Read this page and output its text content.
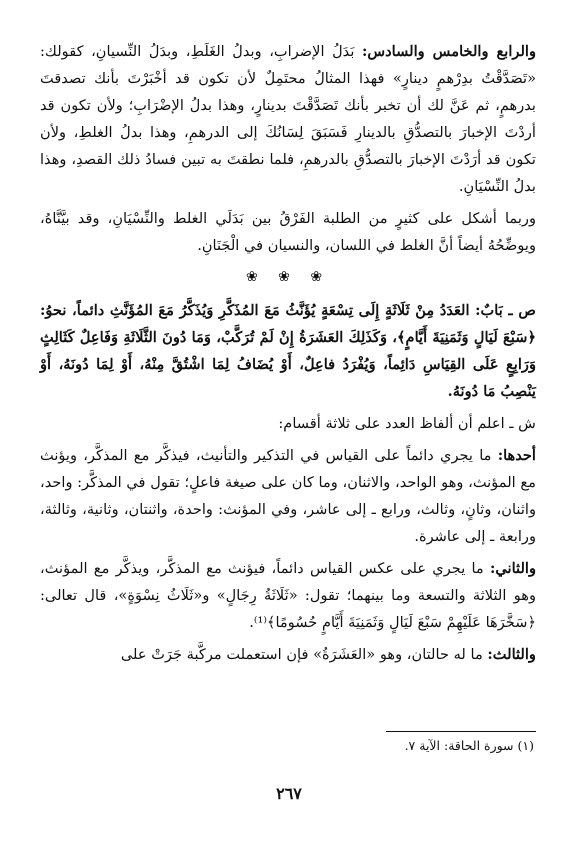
والرابع والخامس والسادس: بَدَلُ الإضرابِ، وبدلُ الغَلَطِ، وبدَلُ النِّسيانِ، كقولك: «تَصَدَّقْتُ بدِرْهمٍ دينارٍ» فهذا المثالُ محتَمِلٌ لأن تكون قد أخْبَرْتَ بأنك تصدقتَ بدرهمٍ، ثم عَنَّ لك أن تخبر بأنك تَصَدَّقْتَ بدينارٍ، وهذا بدلُ الإضْرَابِ؛ ولأن تكون قد أردْتَ الإخبارَ بالتصدُّقِ بالدينارِ فَسَبَقَ لِسَانُكَ إلى الدرهمِ، وهذا بدلُ الغلطِ، ولأن تكون قد أرَدْتَ الإخبارَ بالتصدُّقِ بالدرهمِ، فلما نطقتَ به تبين فسادُ ذلك القصدِ، وهذا بدلُ النِّسْيَانِ.

وربما أشكل على كثيرٍ من الطلبة الفَرْقُ بين بَدَلَي الغلط والنِّسْيَانِ، وقد بيَّنَّاهُ، ويوضِّحُهُ أيضاً أنَّ الغلط في اللسان، والنسيان في الْجَنَانِ.

❀ ❀ ❀

ص ـ بَابٌ: العَدَدُ مِنْ ثَلَاثَةٍ إِلَى تِسْعَةٍ يُؤَنَّثُ مَعَ المُذَكَّرِ وَيُذَكَّرُ مَعَ المُؤَنَّثِ دائماً، نحوُ: ﴿سَبْعَ لَيَالٍ وَثَمَنِيَةَ أَيَّامٍ﴾، وَكَذَلِكَ العَشَرَةُ إِنْ لَمْ تُرَكَّبْ، وَمَا دُونَ الثَّلَاثَةِ وَفَاعِلٌ كَثَالِثٍ وَرَابِعٍ عَلَى القِيَاسِ دَائِماً، وَيُفْرَدُ فاعِلٌ، أَوْ يُضَافُ لِمَا اشْتُقَّ مِنْهُ، أَوْ لِمَا دُونَهُ، أَوْ يَنْصِبُ مَا دُونَهُ.

ش ـ اعلم أن ألفاظ العدد على ثلاثة أقسام:

أحدها: ما يجري دائماً على القياس في التذكير والتأنيث، فيذكَّر مع المذكَّر، ويؤنث مع المؤنث، وهو الواحد، والاثنان، وما كان على صيغة فاعلٍ؛ تقول في المذكَّر: واحد، واثنان، وثانٍ، وثالث، ورابع ـ إلى عاشر، وفي المؤنث: واحدة، واثنتان، وثانية، وثالثة، ورابعة ـ إلى عاشرة.

والثاني: ما يجري على عكس القياس دائماً، فيؤنث مع المذكَّر، ويذكَّر مع المؤنث، وهو الثلاثة والتسعة وما بينهما؛ تقول: «ثَلَاثَةُ رِجَالٍ» و«ثَلَاثُ نِسْوَةٍ»، قال تعالى: ﴿سَخَّرَهَا عَلَيْهِمْ سَبْعَ لَيَالٍ وَثَمَنِيَةَ أَيَّامٍ حُسُومًا﴾⁽¹⁾.

والثالث: ما له حالتان، وهو «العَشَرَةُ» فإن استعملت مركَّبة جَرَتْ على

(١) سورة الحاقة: الآية ٧.
٢٦٧
